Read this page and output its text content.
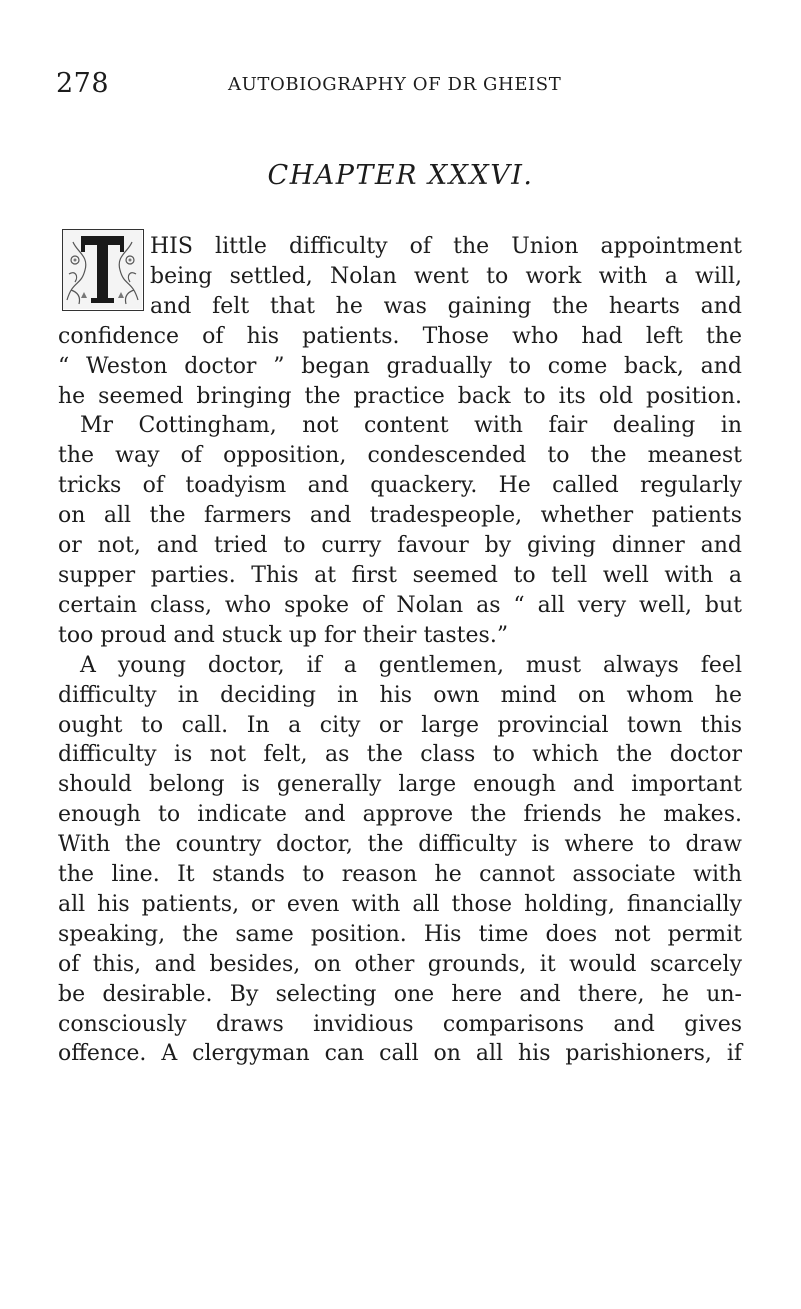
278	AUTOBIOGRAPHY OF DR GHEIST
CHAPTER XXXVI.
HIS little difficulty of the Union appointment
being settled, Nolan went to work with a will,
and felt that he was gaining the hearts and
confidence of his patients. Those who had left the
“ Weston doctor ” began gradually to come back, and
he seemed bringing the practice back to its old position.
Mr Cottingham, not content with fair dealing in
the way of opposition, condescended to the meanest
tricks of toadyism and quackery. He called regularly
on all the farmers and tradespeople, whether patients
or not, and tried to curry favour by giving dinner and
supper parties. This at first seemed to tell well with a
certain class, who spoke of Nolan as “ all very well, but
too proud and stuck up for their tastes.”
A young doctor, if a gentlemen, must always feel
difficulty in deciding in his own mind on whom he
ought to call. In a city or large provincial town this
difficulty is not felt, as the class to which the doctor
should belong is generally large enough and important
enough to indicate and approve the friends he makes.
With the country doctor, the difficulty is where to draw
the line. It stands to reason he cannot associate with
all his patients, or even with all those holding, financially
speaking, the same position. His time does not permit
of this, and besides, on other grounds, it would scarcely
be desirable. By selecting one here and there, he un-
consciously draws invidious comparisons and gives
offence. A clergyman can call on all his parishioners, if
